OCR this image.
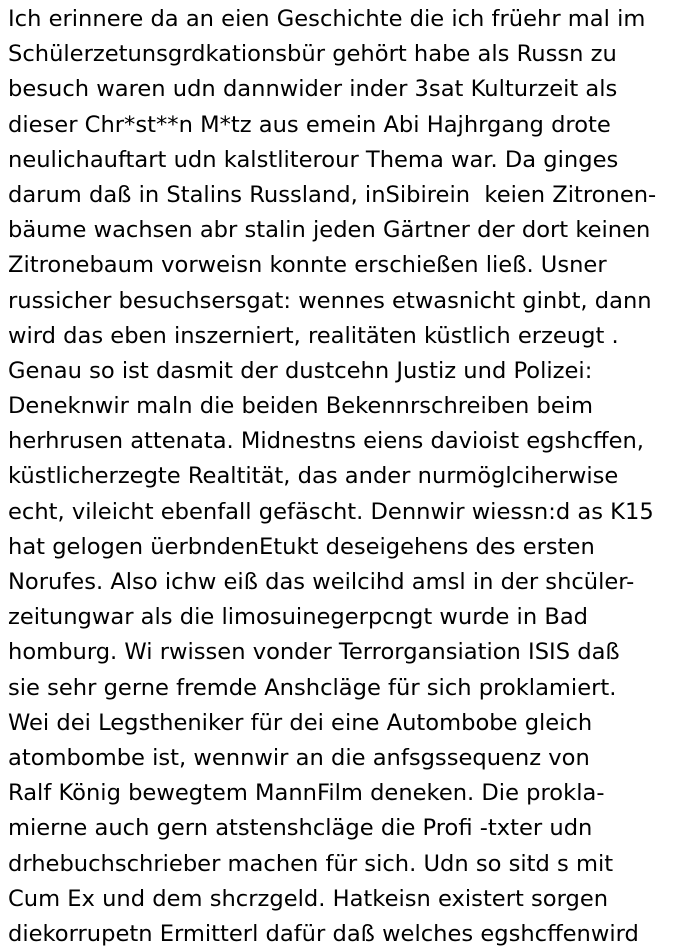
Ich erinnere da an eien Geschichte die ich früehr mal im
Schülerzetunsgrdkationsbür gehört habe als Russn zu
besuch waren udn dannwider inder 3sat Kulturzeit als
dieser Chr*st**n M*tz aus emein Abi Hajhrgang drote
neulichauftart udn kalstliterour Thema war. Da ginges
darum daß in Stalins Russland, inSibirein  keien Zitronen-
bäume wachsen abr stalin jeden Gärtner der dort keinen
Zitronebaum vorweisn konnte erschießen ließ. Usner
russicher besuchsersgat: wennes etwasnicht ginbt, dann
wird das eben inszerniert, realitäten küstlich erzeugt .
Genau so ist dasmit der dustcehn Justiz und Polizei:
Deneknwir maln die beiden Bekennrschreiben beim
herhrusen attenata. Midnestns eiens davioist egshcffen,
küstlicherzegte Realtität, das ander nurmöglciherwise
echt, vileicht ebenfall gefäscht. Dennwir wiessn:d as K15
hat gelogen üerbndenEtukt deseigehens des ersten
Norufes. Also ichw eiß das weilcihd amsl in der shcüler-
zeitungwar als die limosuinegerpcngt wurde in Bad
homburg. Wi rwissen vonder Terrorgansiation ISIS daß
sie sehr gerne fremde Anshcläge für sich proklamiert.
Wei dei Legstheniker für dei eine Autombobe gleich
atombombe ist, wennwir an die anfsgssequenz von
Ralf König bewegtem MannFilm deneken. Die prokla-
mierne auch gern atstenshcläge die Profi -txter udn
drhebuchschrieber machen für sich. Udn so sitd s mit
Cum Ex und dem shcrzgeld. Hatkeisn existert sorgen
diekorrupetn Ermitterl dafür daß welches egshcffenwird
